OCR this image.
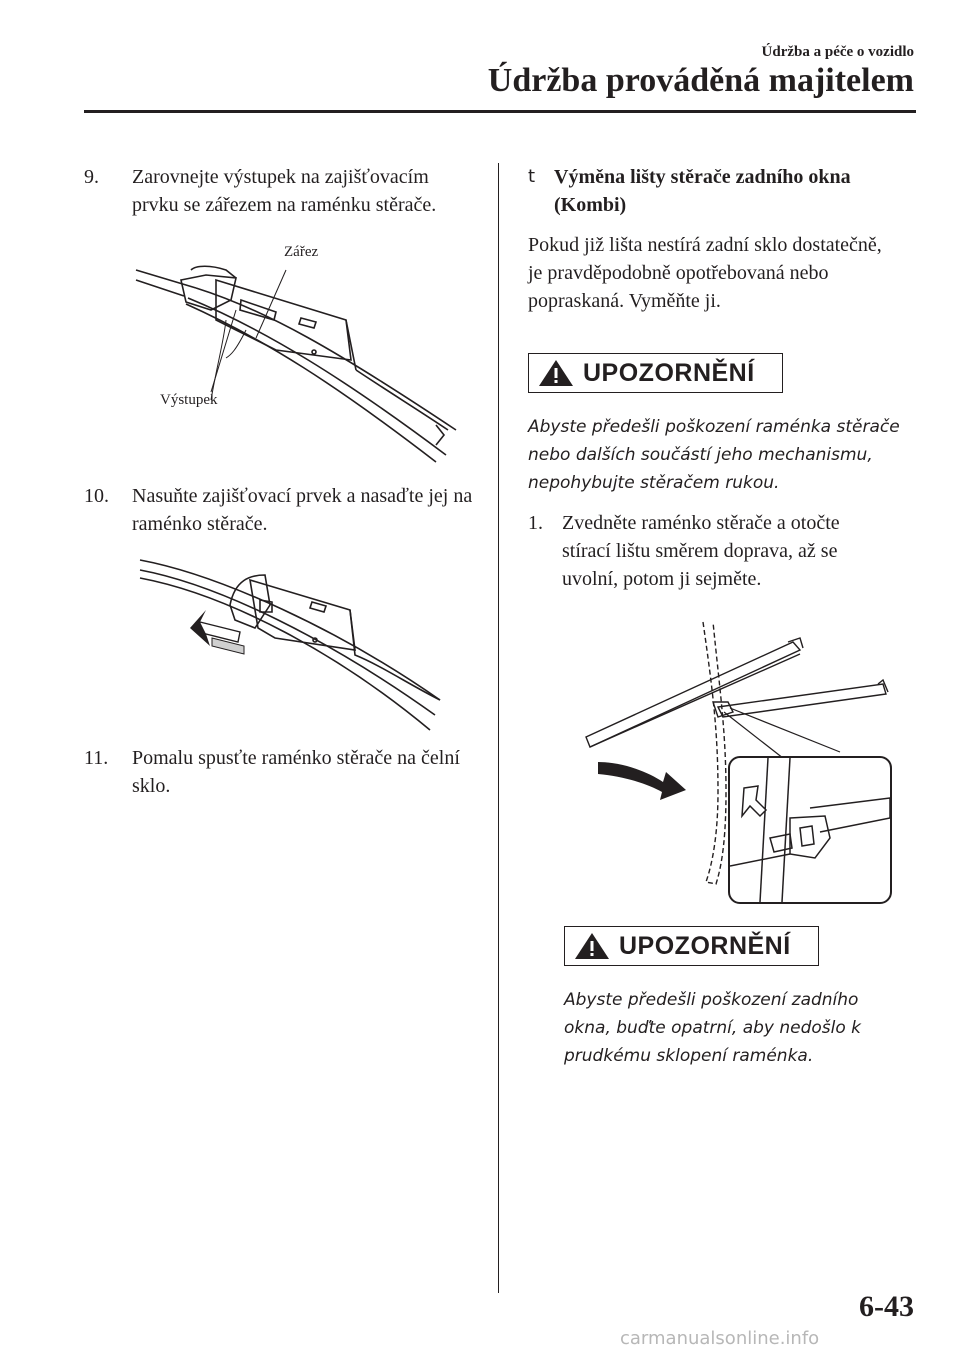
Údržba a péče o vozidlo
Údržba prováděná majitelem
9. Zarovnejte výstupek na zajišťovacím prvku se zářezem na raménku stěrače.
Zářez
Výstupek
10. Nasuňte zajišťovací prvek a nasaďte jej na raménko stěrače.
11. Pomalu spusťte raménko stěrače na čelní sklo.
t Výměna lišty stěrače zadního okna (Kombi)
Pokud již lišta nestírá zadní sklo dostatečně, je pravděpodobně opotřebovaná nebo popraskaná. Vyměňte ji.
UPOZORNĚNÍ
Abyste předešli poškození raménka stěrače nebo dalších součástí jeho mechanismu, nepohybujte stěračem rukou.
1. Zvedněte raménko stěrače a otočte stírací lištu směrem doprava, až se uvolní, potom ji sejměte.
UPOZORNĚNÍ
Abyste předešli poškození zadního okna, buďte opatrní, aby nedošlo k prudkému sklopení raménka.
6-43
carmanualsonline.info
